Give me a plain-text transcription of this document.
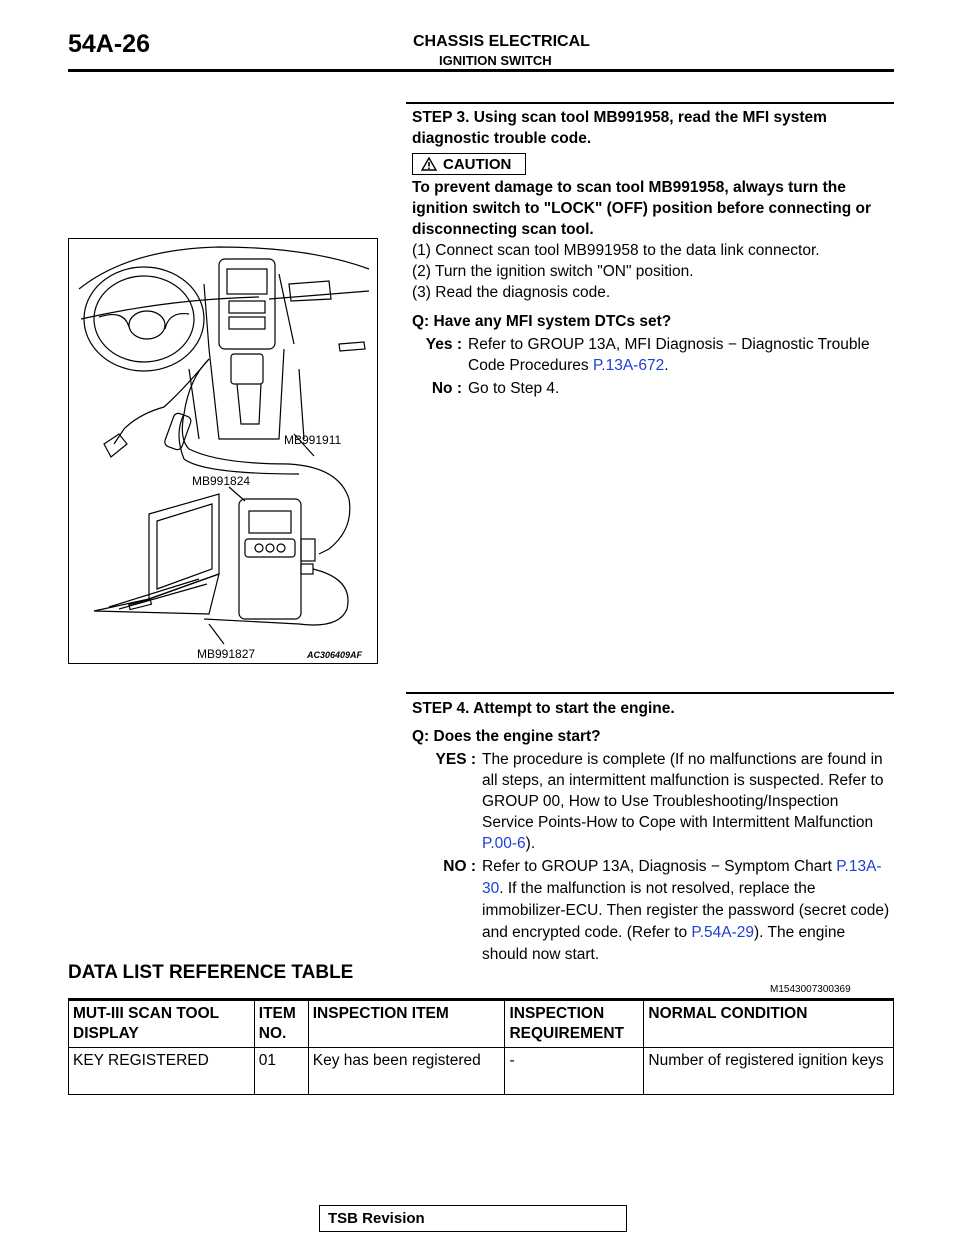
54A-26	CHASSIS ELECTRICAL
IGNITION SWITCH
STEP 3. Using scan tool MB991958, read the MFI system diagnostic trouble code.
CAUTION
To prevent damage to scan tool MB991958, always turn the ignition switch to "LOCK" (OFF) position before connecting or disconnecting scan tool.
(1) Connect scan tool MB991958 to the data link connector.
(2) Turn the ignition switch "ON" position.
(3) Read the diagnosis code.
Q: Have any MFI system DTCs set?
Yes : Refer to GROUP 13A, MFI Diagnosis − Diagnostic Trouble Code Procedures P.13A-672.
No : Go to Step 4.
MB991911
MB991824
MB991827	AC306409AF
STEP 4. Attempt to start the engine.
Q: Does the engine start?
YES : The procedure is complete (If no malfunctions are found in all steps, an intermittent malfunction is suspected. Refer to GROUP 00, How to Use Troubleshooting/Inspection Service Points-How to Cope with Intermittent Malfunction P.00-6).
NO : Refer to GROUP 13A, Diagnosis − Symptom Chart P.13A-30. If the malfunction is not resolved, replace the immobilizer-ECU. Then register the password (secret code) and encrypted code. (Refer to P.54A-29). The engine should now start.
DATA LIST REFERENCE TABLE
M1543007300369
MUT-III SCAN TOOL DISPLAY	ITEM NO.	INSPECTION ITEM	INSPECTION REQUIREMENT	NORMAL CONDITION
KEY REGISTERED	01	Key has been registered	-	Number of registered ignition keys
TSB Revision
